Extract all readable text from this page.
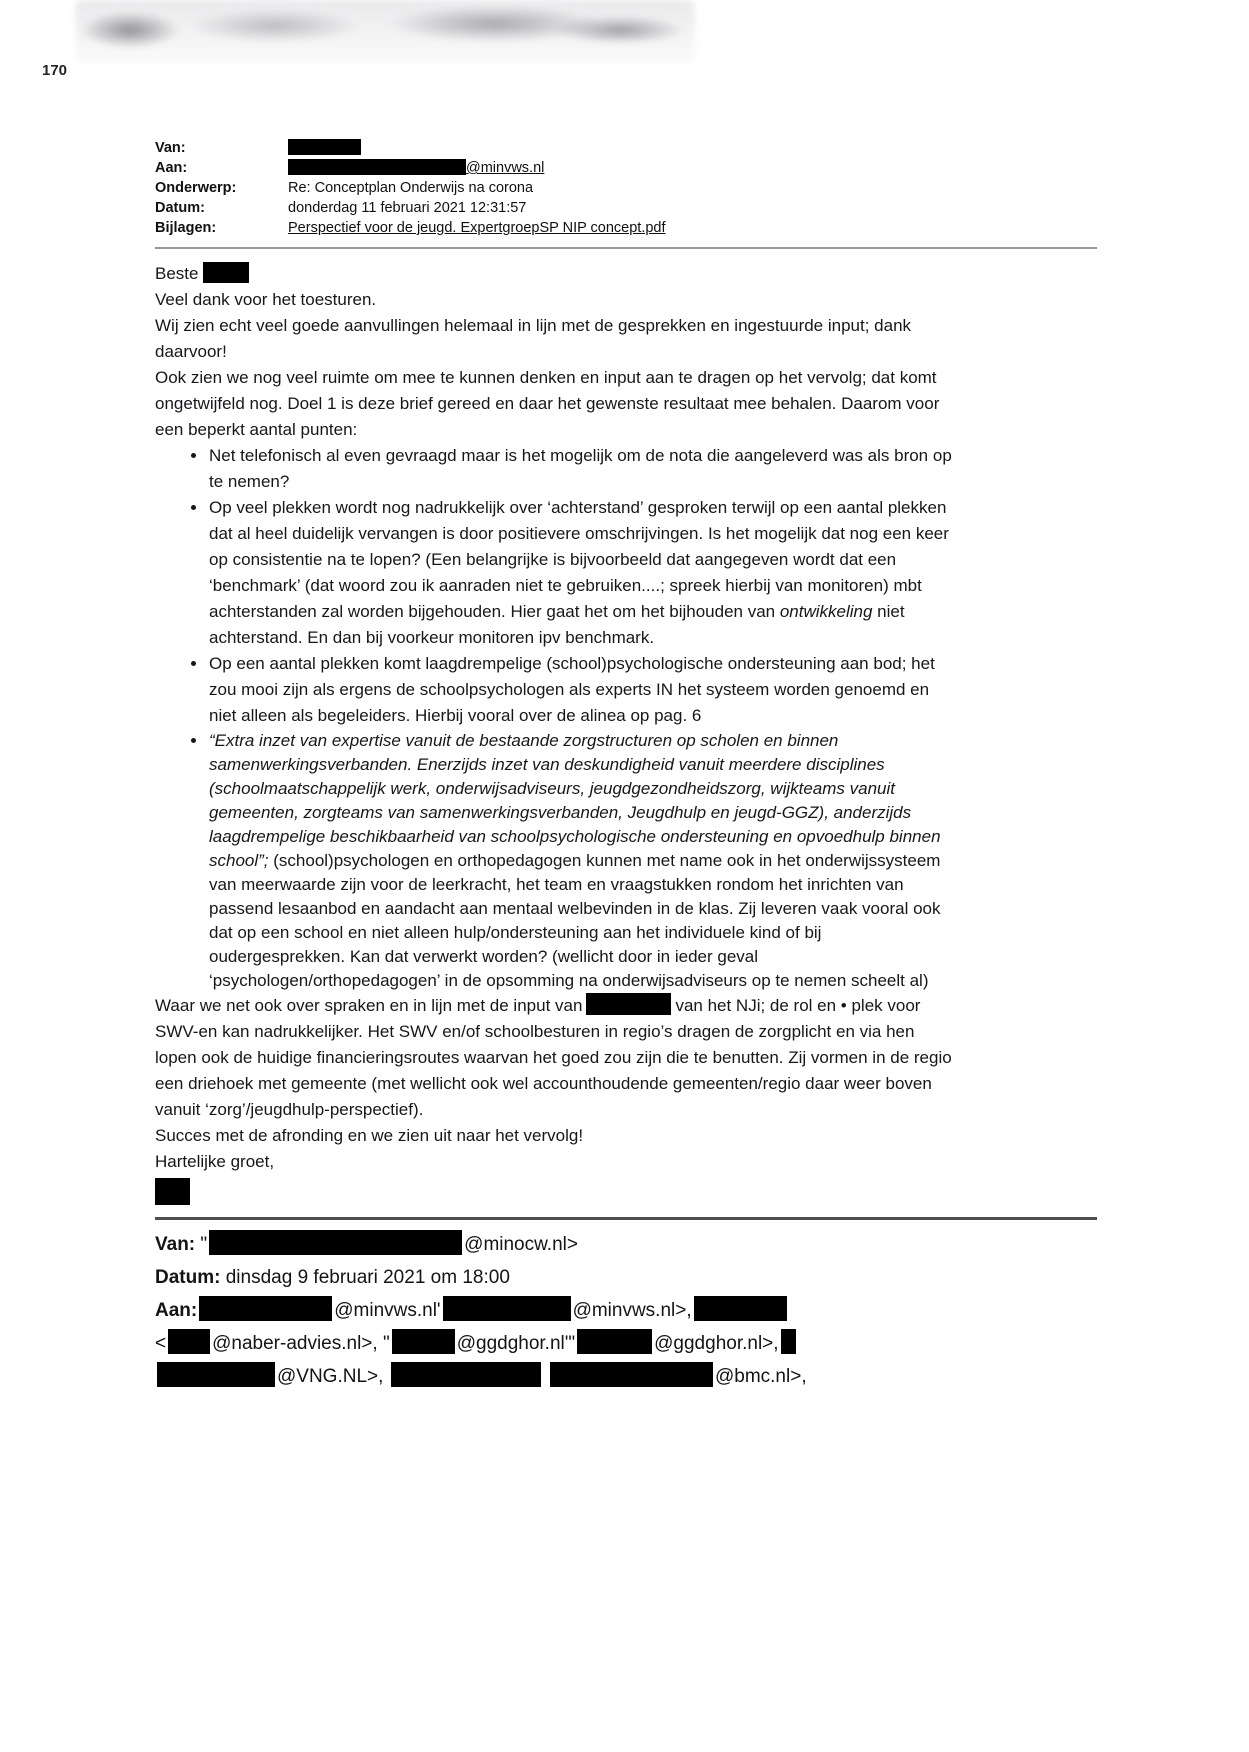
170
Van:
Aan:	@minvws.nl
Onderwerp:	Re: Conceptplan Onderwijs na corona
Datum:	donderdag 11 februari 2021 12:31:57
Bijlagen:	Perspectief voor de jeugd. ExpertgroepSP NIP concept.pdf

Beste

Veel dank voor het toesturen.

Wij zien echt veel goede aanvullingen helemaal in lijn met de gesprekken en ingestuurde input; dank daarvoor!

Ook zien we nog veel ruimte om mee te kunnen denken en input aan te dragen op het vervolg; dat komt ongetwijfeld nog. Doel 1 is deze brief gereed en daar het gewenste resultaat mee behalen. Daarom voor een beperkt aantal punten:

• Net telefonisch al even gevraagd maar is het mogelijk om de nota die aangeleverd was als bron op te nemen?
• Op veel plekken wordt nog nadrukkelijk over ‘achterstand’ gesproken terwijl op een aantal plekken dat al heel duidelijk vervangen is door positievere omschrijvingen. Is het mogelijk dat nog een keer op consistentie na te lopen? (Een belangrijke is bijvoorbeeld dat aangegeven wordt dat een ‘benchmark’ (dat woord zou ik aanraden niet te gebruiken....; spreek hierbij van monitoren) mbt achterstanden zal worden bijgehouden. Hier gaat het om het bijhouden van ontwikkeling niet achterstand. En dan bij voorkeur monitoren ipv benchmark.
• Op een aantal plekken komt laagdrempelige (school)psychologische ondersteuning aan bod; het zou mooi zijn als ergens de schoolpsychologen als experts IN het systeem worden genoemd en niet alleen als begeleiders. Hierbij vooral over de alinea op pag. 6
• “Extra inzet van expertise vanuit de bestaande zorgstructuren op scholen en binnen samenwerkingsverbanden. Enerzijds inzet van deskundigheid vanuit meerdere disciplines (schoolmaatschappelijk werk, onderwijsadviseurs, jeugdgezondheidszorg, wijkteams vanuit gemeenten, zorgteams van samenwerkingsverbanden, Jeugdhulp en jeugd-GGZ), anderzijds laagdrempelige beschikbaarheid van schoolpsychologische ondersteuning en opvoedhulp binnen school”; (school)psychologen en orthopedagogen kunnen met name ook in het onderwijssysteem van meerwaarde zijn voor de leerkracht, het team en vraagstukken rondom het inrichten van passend lesaanbod en aandacht aan mentaal welbevinden in de klas. Zij leveren vaak vooral ook dat op een school en niet alleen hulp/ondersteuning aan het individuele kind of bij oudergesprekken. Kan dat verwerkt worden? (wellicht door in ieder geval ‘psychologen/orthopedagogen’ in de opsomming na onderwijsadviseurs op te nemen scheelt al)

Waar we net ook over spraken en in lijn met de input van	van het NJi; de rol en • plek voor SWV-en kan nadrukkelijker. Het SWV en/of schoolbesturen in regio’s dragen de zorgplicht en via hen lopen ook de huidige financieringsroutes waarvan het goed zou zijn die te benutten. Zij vormen in de regio een driehoek met gemeente (met wellicht ook wel accounthoudende gemeenten/regio daar weer boven vanuit ‘zorg’/jeugdhulp-perspectief).

Succes met de afronding en we zien uit naar het vervolg!

Hartelijke groet,

Van: "	@minocw.nl>

Datum: dinsdag 9 februari 2021 om 18:00

Aan:	@minvws.nl'	@minvws.nl>,

< @naber-advies.nl>, "	@ggdghor.nl'"	@ggdghor.nl>,

@VNG.NL>,	@bmc.nl>,
